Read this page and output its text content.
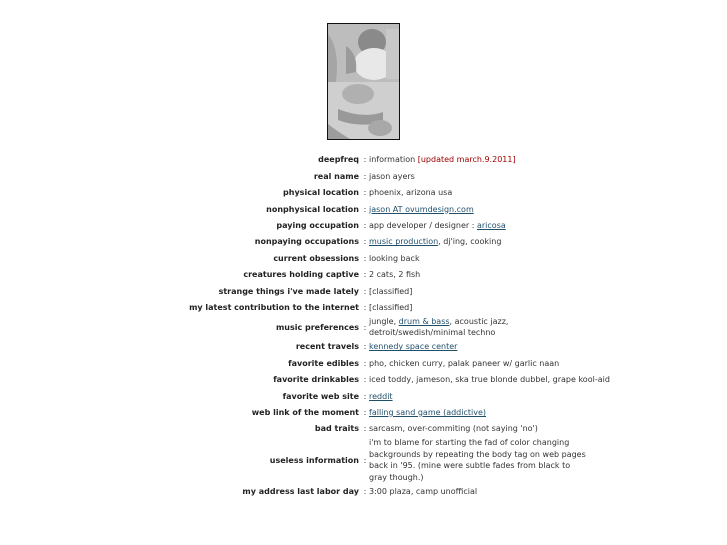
deepfreq	:	information [updated march.9.2011]
real name	:	jason ayers
physical location	:	phoenix, arizona usa
nonphysical location	:	jason AT ovumdesign.com
paying occupation	:	app developer / designer : aricosa
nonpaying occupations	:	music production, dj'ing, cooking
current obsessions	:	looking back
creatures holding captive	:	2 cats, 2 fish
strange things i've made lately	:	[classified]
my latest contribution to the internet	:	[classified]
music preferences	:	jungle, drum & bass, acoustic jazz,
detroit/swedish/minimal techno
recent travels	:	kennedy space center
favorite edibles	:	pho, chicken curry, palak paneer w/ garlic naan
favorite drinkables	:	iced toddy, jameson, ska true blonde dubbel, grape kool-aid
favorite web site	:	reddit
web link of the moment	:	falling sand game (addictive)
bad traits	:	sarcasm, over-commiting (not saying 'no')
useless information	:	i'm to blame for starting the fad of color changing
backgrounds by repeating the body tag on web pages
back in '95. (mine were subtle fades from black to
gray though.)
my address last labor day	:	3:00 plaza, camp unofficial
